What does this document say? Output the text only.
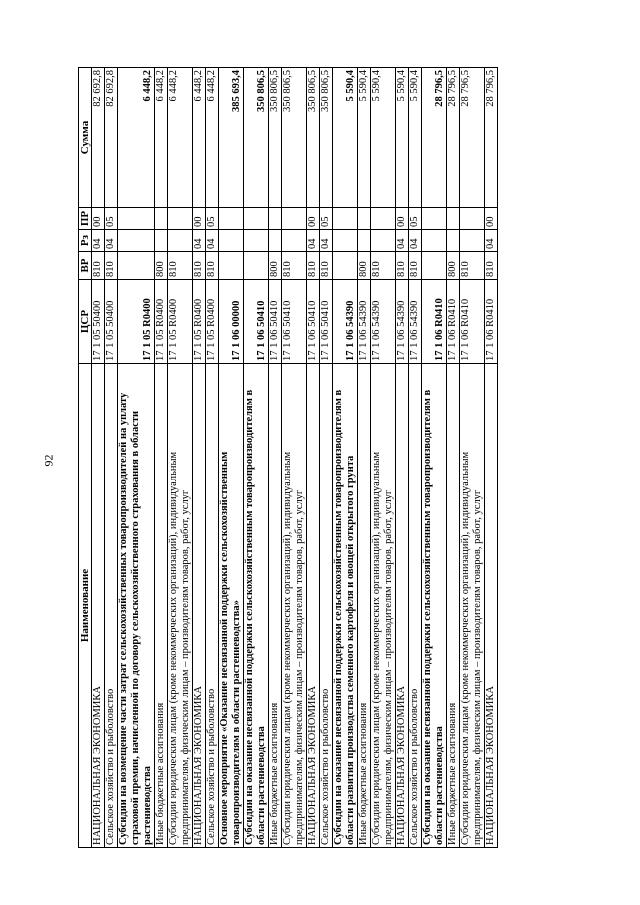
92
Наименование	ЦСР	ВР	Рз	ПР	Сумма
НАЦИОНАЛЬНАЯ ЭКОНОМИКА	17 1 05 50400	810	04	00	82 692,8
Сельское хозяйство и рыболовство	17 1 05 50400	810	04	05	82 692,8
Субсидии на возмещение части затрат сельскохозяйственных товаропроизводителей на уплату страховой премии, начисленной по договору сельскохозяйственного страхования в области растениеводства	17 1 05 R0400				6 448,2
Иные бюджетные ассигнования	17 1 05 R0400	800			6 448,2
Субсидии юридическим лицам (кроме некоммерческих организаций), индивидуальным предпринимателям, физическим лицам – производителям товаров, работ, услуг	17 1 05 R0400	810			6 448,2
НАЦИОНАЛЬНАЯ ЭКОНОМИКА	17 1 05 R0400	810	04	00	6 448,2
Сельское хозяйство и рыболовство	17 1 05 R0400	810	04	05	6 448,2
Основное мероприятие «Оказание несвязанной поддержки сельскохозяйственным товаропроизводителям в области растениеводства»	17 1 06 00000				385 693,4
Субсидии на оказание несвязанной поддержки сельскохозяйственным товаропроизводителям в области растениеводства	17 1 06 50410				350 806,5
Иные бюджетные ассигнования	17 1 06 50410	800			350 806,5
Субсидии юридическим лицам (кроме некоммерческих организаций), индивидуальным предпринимателям, физическим лицам – производителям товаров, работ, услуг	17 1 06 50410	810			350 806,5
НАЦИОНАЛЬНАЯ ЭКОНОМИКА	17 1 06 50410	810	04	00	350 806,5
Сельское хозяйство и рыболовство	17 1 06 50410	810	04	05	350 806,5
Субсидии на оказание несвязанной поддержки сельскохозяйственным товаропроизводителям в области развития производства семенного картофеля и овощей открытого грунта	17 1 06 54390				5 590,4
Иные бюджетные ассигнования	17 1 06 54390	800			5 590,4
Субсидии юридическим лицам (кроме некоммерческих организаций), индивидуальным предпринимателям, физическим лицам – производителям товаров, работ, услуг	17 1 06 54390	810			5 590,4
НАЦИОНАЛЬНАЯ ЭКОНОМИКА	17 1 06 54390	810	04	00	5 590,4
Сельское хозяйство и рыболовство	17 1 06 54390	810	04	05	5 590,4
Субсидии на оказание несвязанной поддержки сельскохозяйственным товаропроизводителям в области растениеводства	17 1 06 R0410				28 796,5
Иные бюджетные ассигнования	17 1 06 R0410	800			28 796,5
Субсидии юридическим лицам (кроме некоммерческих организаций), индивидуальным предпринимателям, физическим лицам – производителям товаров, работ, услуг	17 1 06 R0410	810			28 796,5
НАЦИОНАЛЬНАЯ ЭКОНОМИКА	17 1 06 R0410	810	04	00	28 796,5
